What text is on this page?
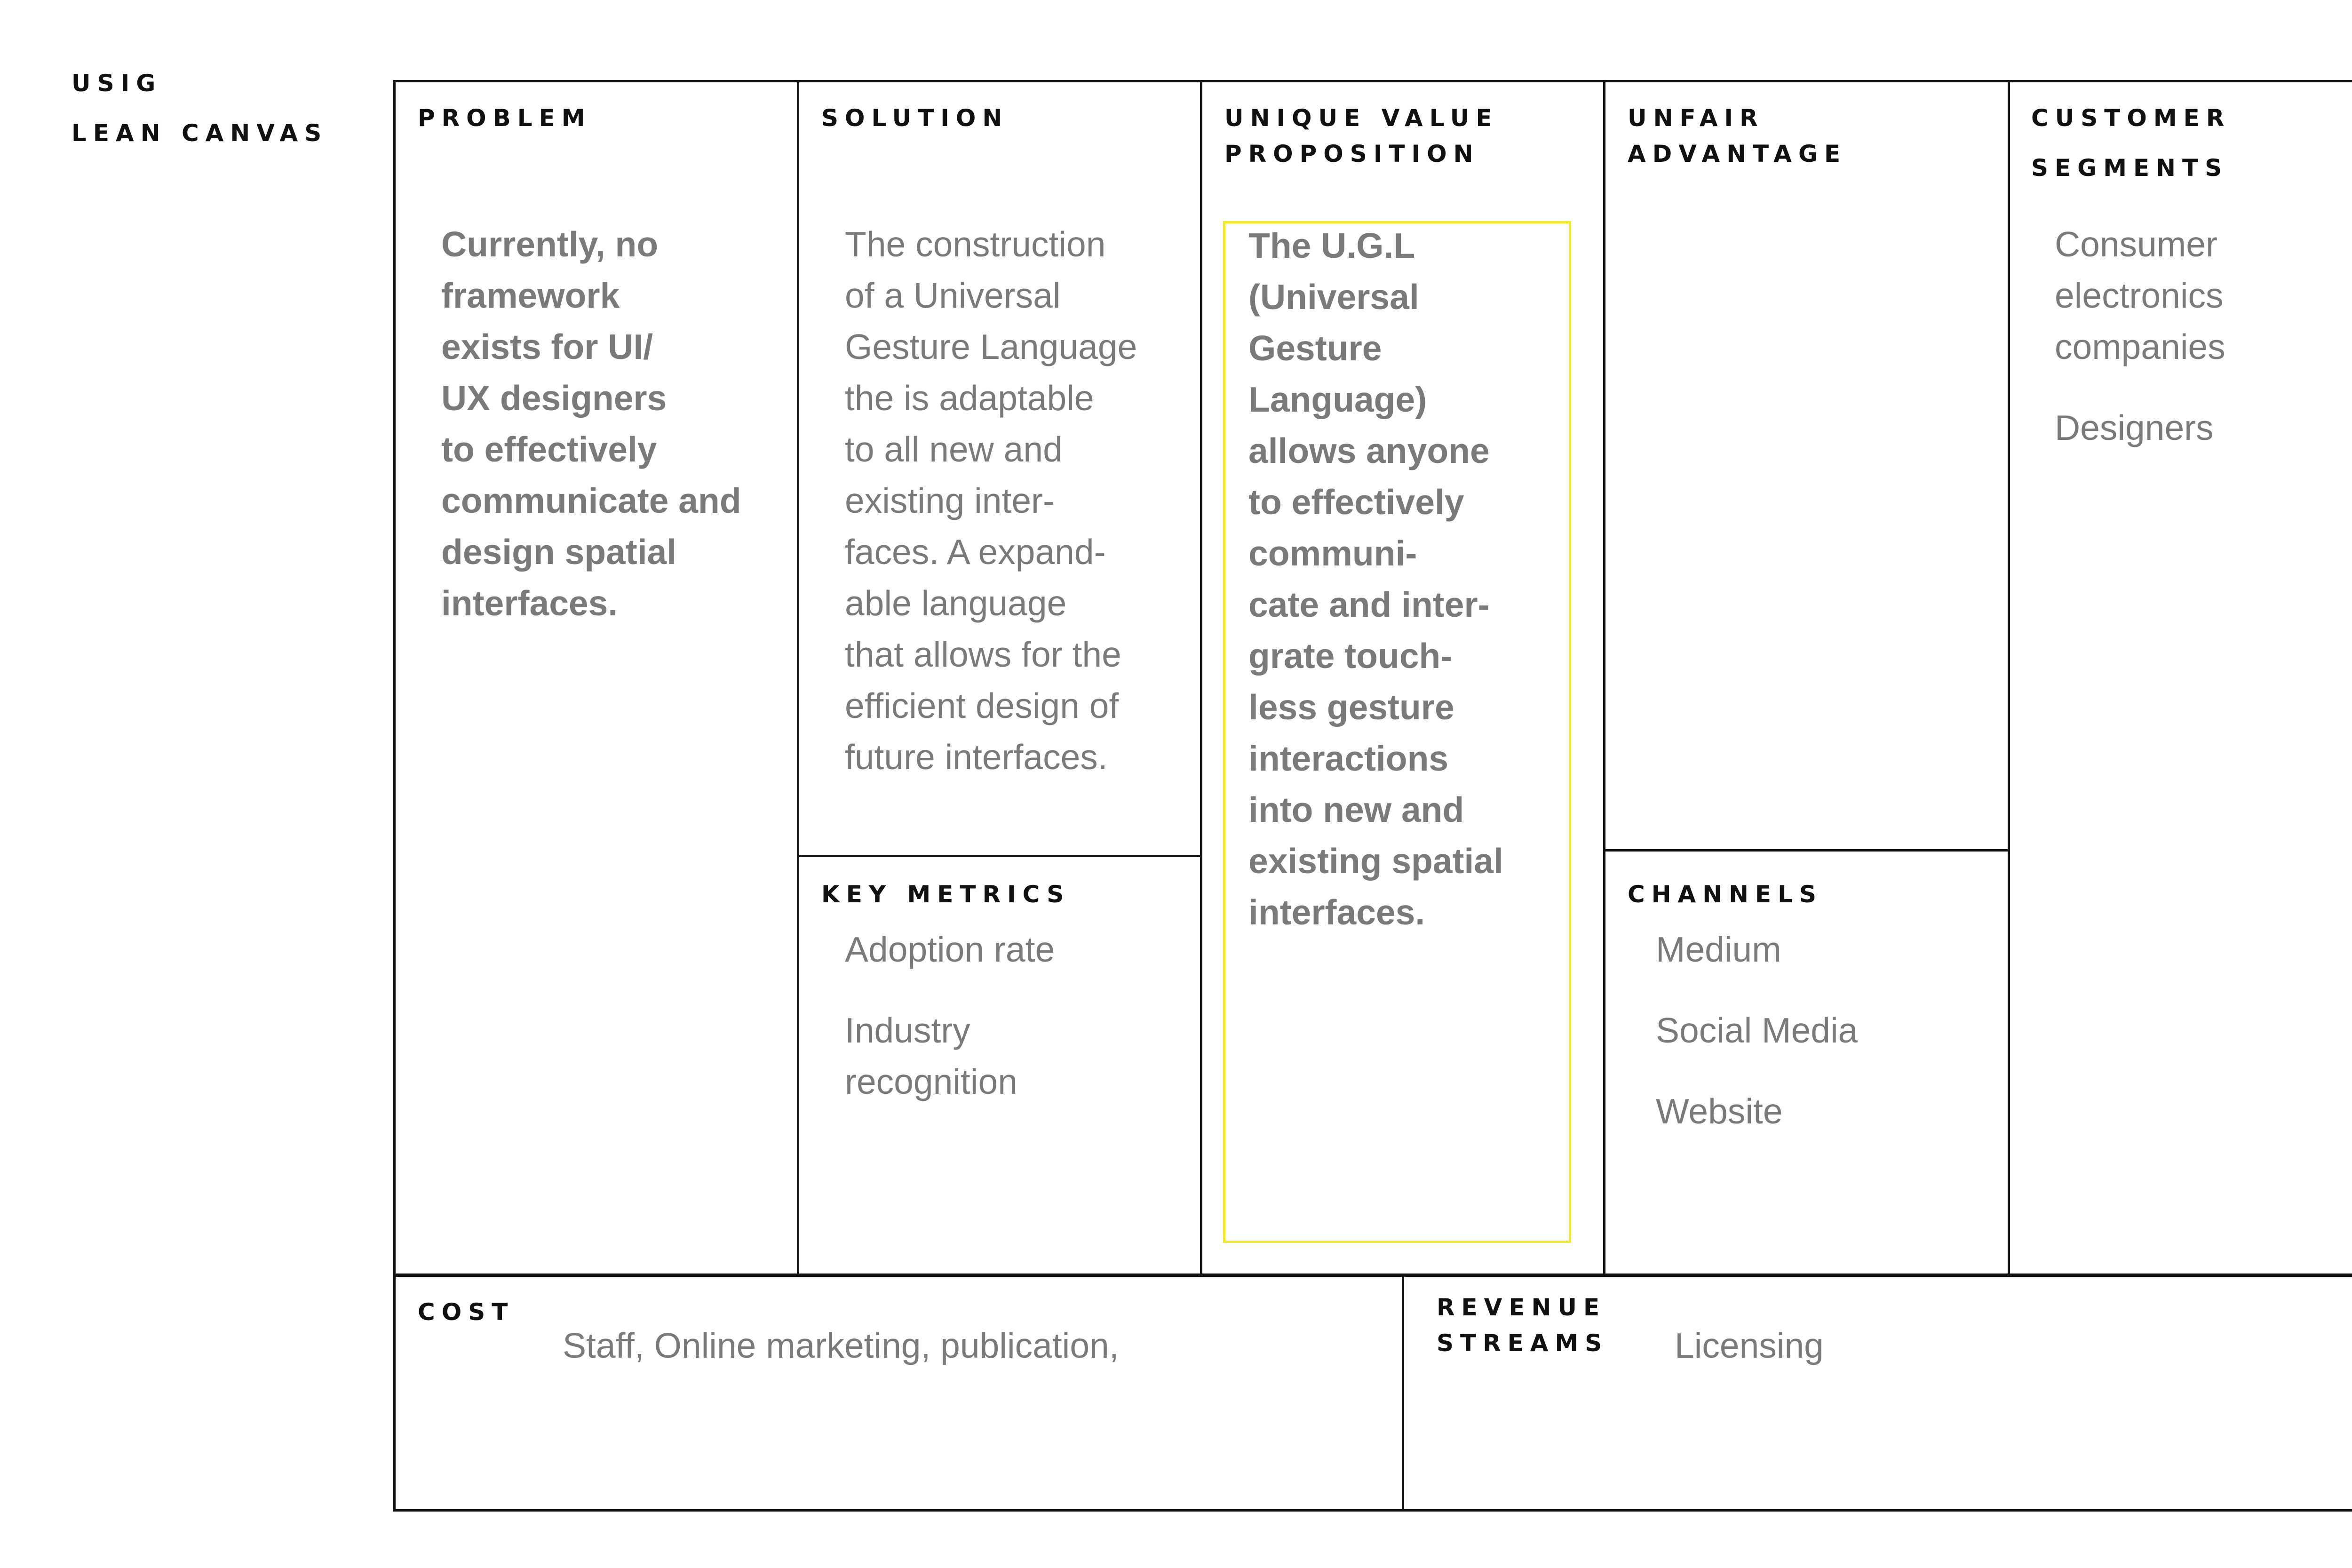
USIG
LEAN CANVAS
PROBLEM
Currently, no
framework
exists for UI/
UX designers
to effectively
communicate and
design spatial
interfaces.
SOLUTION
The construction
of a Universal
Gesture Language
the is adaptable
to all new and
existing inter-
faces. A expand-
able language
that allows for the
efficient design of
future interfaces.
KEY METRICS
Adoption rate
Industry
recognition
UNIQUE VALUE
PROPOSITION
The U.G.L
(Universal
Gesture
Language)
allows anyone
to effectively
communi-
cate and inter-
grate touch-
less gesture
interactions
into new and
existing spatial
interfaces.
UNFAIR
ADVANTAGE
CHANNELS
Medium
Social Media
Website
CUSTOMER
SEGMENTS
Consumer
electronics
companies
Designers
COST
Staff, Online marketing, publication,
REVENUE
STREAMS Licensing
